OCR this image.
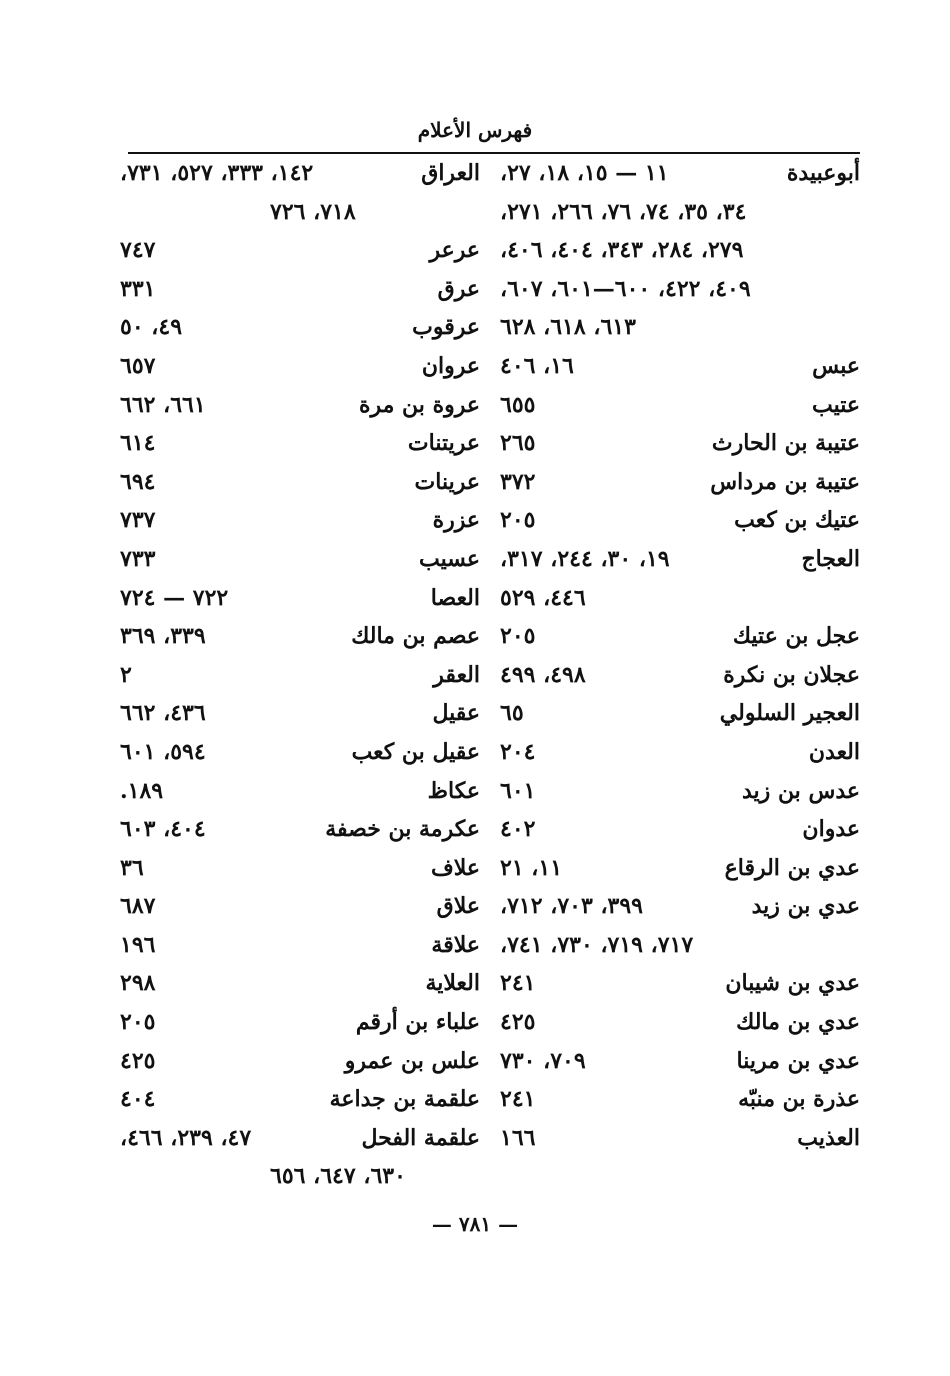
فهرس الأعلام
أبوعبيدة
١١ — ١٥، ١٨، ٢٧،
٣٤، ٣٥، ٧٤، ٧٦، ٢٦٦، ٢٧١،
٢٧٩، ٢٨٤، ٣٤٣، ٤٠٤، ٤٠٦،
٤٠٩، ٤٢٢، ٦٠٠—٦٠١، ٦٠٧،
٦١٣، ٦١٨، ٦٢٨
عبس
١٦، ٤٠٦
عتيب
٦٥٥
عتيبة بن الحارث
٢٦٥
عتيبة بن مرداس
٣٧٢
عتيك بن كعب
٢٠٥
العجاج
١٩، ٣٠، ٢٤٤، ٣١٧،
٤٤٦، ٥٢٩
عجل بن عتيك
٢٠٥
عجلان بن نكرة
٤٩٨، ٤٩٩
العجير السلولي
٦٥
العدن
٢٠٤
عدس بن زيد
٦٠١
عدوان
٤٠٢
عدي بن الرقاع
١١، ٢١
عدي بن زيد
٣٩٩، ٧٠٣، ٧١٢،
٧١٧، ٧١٩، ٧٣٠، ٧٤١،
عدي بن شيبان
٢٤١
عدي بن مالك
٤٢٥
عدي بن مرينا
٧٠٩، ٧٣٠
عذرة بن منبّه
٢٤١
العذيب
١٦٦
العراق
١٤٢، ٣٣٣، ٥٢٧، ٧٣١،
٧١٨، ٧٢٦
عرعر
٧٤٧
عرق
٣٣١
عرقوب
٤٩، ٥٠
عروان
٦٥٧
عروة بن مرة
٦٦١، ٦٦٢
عريتنات
٦١٤
عرينات
٦٩٤
عزرة
٧٣٧
عسيب
٧٣٣
العصا
٧٢٢ — ٧٢٤
عصم بن مالك
٣٣٩، ٣٦٩
العقر
٢
عقيل
٤٣٦، ٦٦٢
عقيل بن كعب
٥٩٤، ٦٠١
عكاظ
١٨٩.
عكرمة بن خصفة
٤٠٤، ٦٠٣
علاف
٣٦
علاق
٦٨٧
علاقة
١٩٦
العلاية
٢٩٨
علباء بن أرقم
٢٠٥
علس بن عمرو
٤٢٥
علقمة بن جداعة
٤٠٤
علقمة الفحل
٤٧، ٢٣٩، ٤٦٦،
٦٣٠، ٦٤٧، ٦٥٦
— ٧٨١ —
